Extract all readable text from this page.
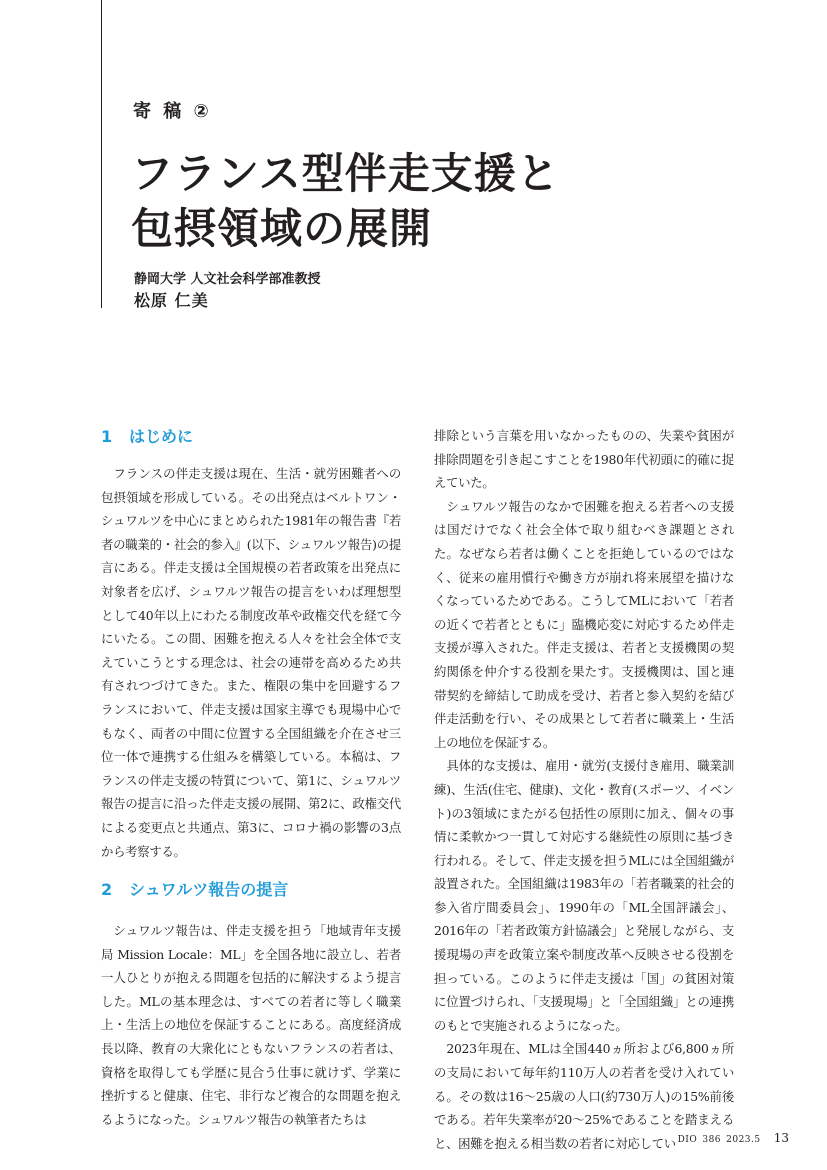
寄 稿 ②
フランス型伴走支援と
包摂領域の展開
静岡大学 人文社会科学部准教授
松原 仁美
1 はじめに

フランスの伴走支援は現在、生活・就労困難者への包摂領域を形成している。その出発点はベルトワン・シュワルツを中心にまとめられた1981年の報告書『若者の職業的・社会的参入』(以下、シュワルツ報告)の提言にある。伴走支援は全国規模の若者政策を出発点に対象者を広げ、シュワルツ報告の提言をいわば理想型として40年以上にわたる制度改革や政権交代を経て今にいたる。この間、困難を抱える人々を社会全体で支えていこうとする理念は、社会の連帯を高めるため共有されつづけてきた。また、権限の集中を回避するフランスにおいて、伴走支援は国家主導でも現場中心でもなく、両者の中間に位置する全国組織を介在させ三位一体で連携する仕組みを構築している。本稿は、フランスの伴走支援の特質について、第1に、シュワルツ報告の提言に沿った伴走支援の展開、第2に、政権交代による変更点と共通点、第3に、コロナ禍の影響の3点から考察する。

2 シュワルツ報告の提言

シュワルツ報告は、伴走支援を担う「地域青年支援局 Mission Locale：ML」を全国各地に設立し、若者一人ひとりが抱える問題を包括的に解決するよう提言した。MLの基本理念は、すべての若者に等しく職業上・生活上の地位を保証することにある。高度経済成長以降、教育の大衆化にともないフランスの若者は、資格を取得しても学歴に見合う仕事に就けず、学業に挫折すると健康、住宅、非行など複合的な問題を抱えるようになった。シュワルツ報告の執筆者たちは

排除という言葉を用いなかったものの、失業や貧困が排除問題を引き起こすことを1980年代初頭に的確に捉えていた。

シュワルツ報告のなかで困難を抱える若者への支援は国だけでなく社会全体で取り組むべき課題とされた。なぜなら若者は働くことを拒絶しているのではなく、従来の雇用慣行や働き方が崩れ将来展望を描けなくなっているためである。こうしてMLにおいて「若者の近くで若者とともに」臨機応変に対応するため伴走支援が導入された。伴走支援は、若者と支援機関の契約関係を仲介する役割を果たす。支援機関は、国と連帯契約を締結して助成を受け、若者と参入契約を結び伴走活動を行い、その成果として若者に職業上・生活上の地位を保証する。

具体的な支援は、雇用・就労(支援付き雇用、職業訓練)、生活(住宅、健康)、文化・教育(スポーツ、イベント)の3領域にまたがる包括性の原則に加え、個々の事情に柔軟かつ一貫して対応する継続性の原則に基づき行われる。そして、伴走支援を担うMLには全国組織が設置された。全国組織は1983年の「若者職業的社会的参入省庁間委員会」、1990年の「ML全国評議会」、2016年の「若者政策方針協議会」と発展しながら、支援現場の声を政策立案や制度改革へ反映させる役割を担っている。このように伴走支援は「国」の貧困対策に位置づけられ、「支援現場」と「全国組織」との連携のもとで実施されるようになった。

2023年現在、MLは全国440ヵ所および6,800ヵ所の支局において毎年約110万人の若者を受け入れている。その数は16～25歳の人口(約730万人)の15%前後である。若年失業率が20～25%であることを踏まえると、困難を抱える相当数の若者に対応してい DIO 386 2023.5 13
